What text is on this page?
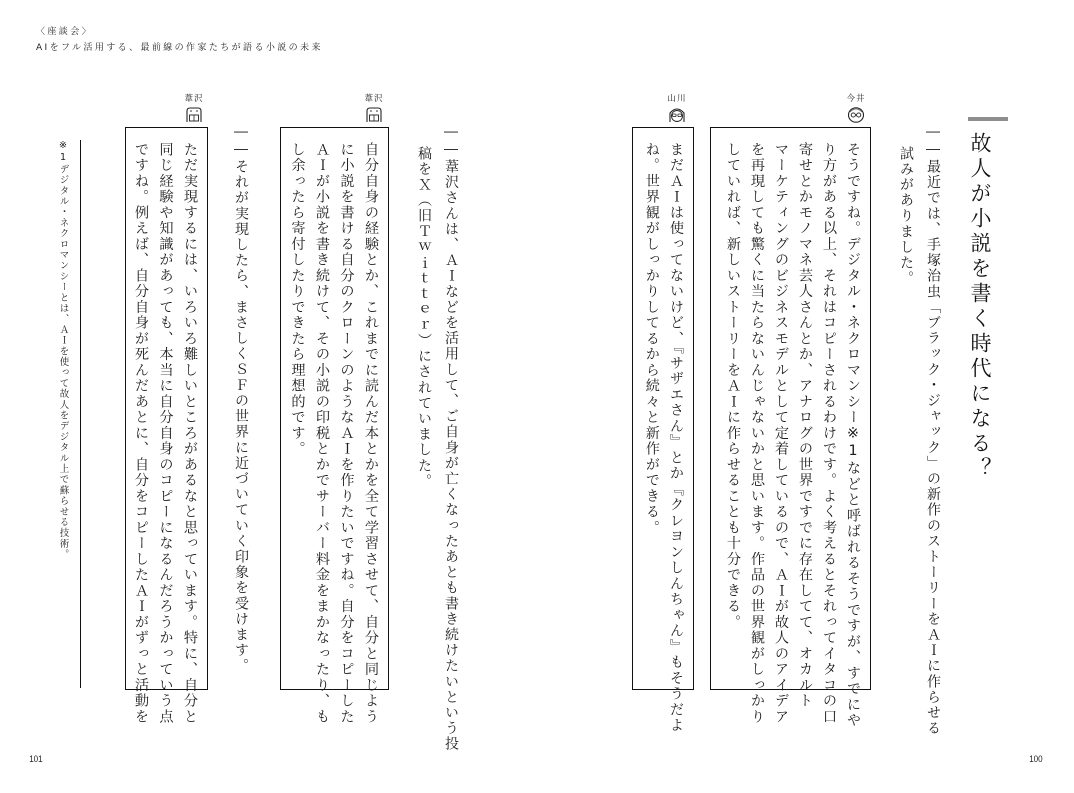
〈座談会〉
AIをフル活用する、最前線の作家たちが語る小説の未来
故人が小説を書く時代になる？
――最近では、手塚治虫「ブラック・ジャック」の新作のストーリーをＡＩに作らせる
試みがありました。
今井
そうですね。デジタル・ネクロマンシー※1などと呼ばれるそうですが、すでにや
り方がある以上、それはコピーされるわけです。よく考えるとそれってイタコの口
寄せとかモノマネ芸人さんとか、アナログの世界ですでに存在してて、オカルト
マーケティングのビジネスモデルとして定着しているので、ＡＩが故人のアイデア
を再現しても驚くに当たらないんじゃないかと思います。作品の世界観がしっかり
していれば、新しいストーリーをＡＩに作らせることも十分できる。
山川
まだＡＩは使ってないけど、『サザエさん』とか『クレヨンしんちゃん』もそうだよ
ね。世界観がしっかりしてるから続々と新作ができる。
――葦沢さんは、ＡＩなどを活用して、ご自身が亡くなったあとも書き続けたいという投
稿をＸ（旧Ｔｗｉｔｔｅｒ）にされていました。
葦沢
自分自身の経験とか、これまでに読んだ本とかを全て学習させて、自分と同じよう
に小説を書ける自分のクローンのようなＡＩを作りたいですね。自分をコピーした
ＡＩが小説を書き続けて、その小説の印税とかでサーバー料金をまかなったり、も
し余ったら寄付したりできたら理想的です。
――それが実現したら、まさしくＳＦの世界に近づいていく印象を受けます。
葦沢
ただ実現するには、いろいろ難しいところがあるなと思っています。特に、自分と
同じ経験や知識があっても、本当に自分自身のコピーになるんだろうかっていう点
ですね。例えば、自分自身が死んだあとに、自分をコピーしたＡＩがずっと活動を
※1
デジタル・ネクロマンシーとは、ＡＩを使って故人をデジタル上で蘇らせる技術。
101	100
